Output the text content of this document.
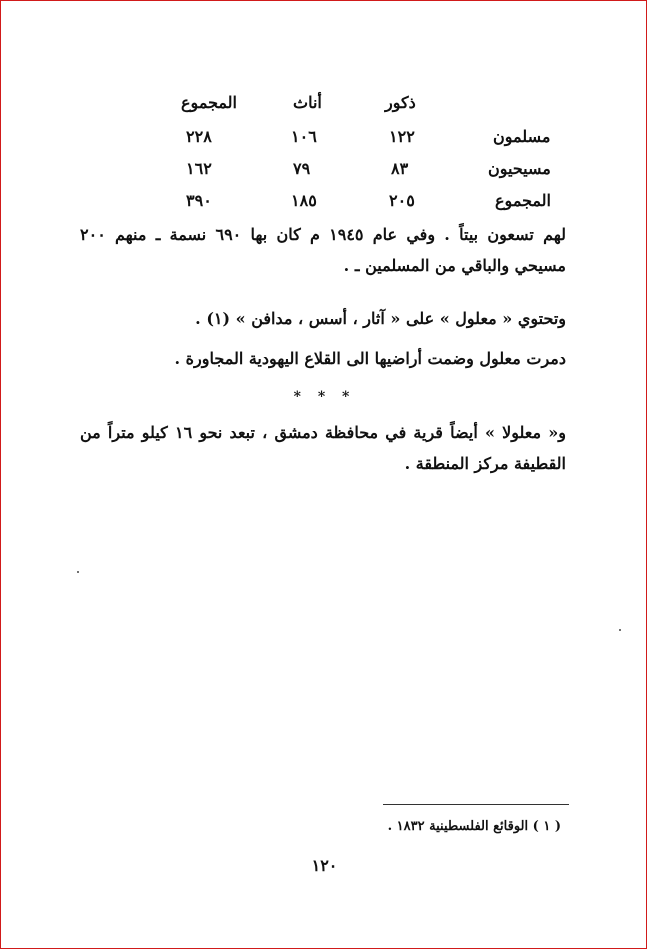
ذكور
أناث
المجموع
مسلمون
١٢٢
١٠٦
٢٢٨
مسيحيون
٨٣
٧٩
١٦٢
المجموع
٢٠٥
١٨٥
٣٩٠

لهم تسعون بيتاً . وفي عام ١٩٤٥ م كان بها ٦٩٠ نسمة ـ منهم ٢٠٠ مسيحي والباقي من المسلمين ـ .

وتحتوي « معلول » على « آثار ، أسس ، مدافن » (١) .

دمرت معلول وضمت أراضيها الى القلاع اليهودية المجاورة .

* * *

و« معلولا » أيضاً قرية في محافظة دمشق ، تبعد نحو ١٦ كيلو متراً من القطيفة مركز المنطقة .

( ١ ) الوقائع الفلسطينية ١٨٣٢ .
١٢٠
